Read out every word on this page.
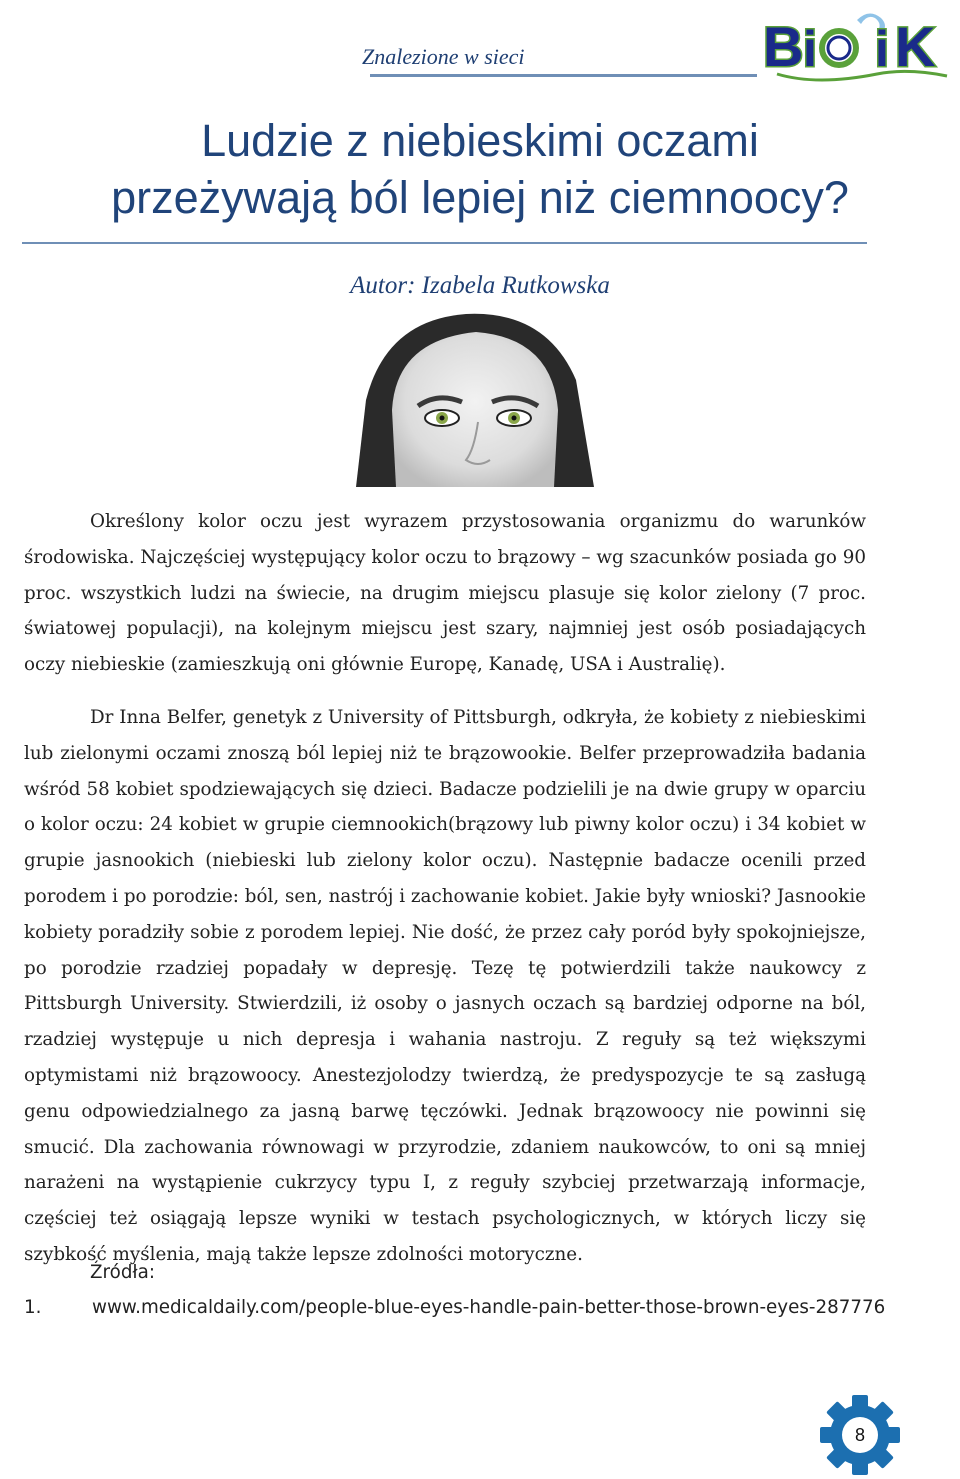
Znalezione w sieci	B i i K
Ludzie z niebieskimi oczami
przeżywają ból lepiej niż ciemnoocy?
Autor: Izabela Rutkowska
Określony kolor oczu jest wyrazem przystosowania organizmu do warunków środowiska. Najczęściej występujący kolor oczu to brązowy – wg szacunków posiada go 90 proc. wszystkich ludzi na świecie, na drugim miejscu plasuje się kolor zielony (7 proc. światowej populacji), na kolejnym miejscu jest szary, najmniej jest osób posiadających oczy niebieskie (zamieszkują oni głównie Europę, Kanadę, USA i Australię).
Dr Inna Belfer, genetyk z University of Pittsburgh, odkryła, że kobiety z niebieskimi lub zielonymi oczami znoszą ból lepiej niż te brązowookie. Belfer przeprowadziła badania wśród 58 kobiet spodziewających się dzieci. Badacze podzielili je na dwie grupy w oparciu o kolor oczu: 24 kobiet w grupie ciemnookich(brązowy lub piwny kolor oczu) i 34 kobiet w grupie jasnookich (niebieski lub zielony kolor oczu). Następnie badacze ocenili przed porodem i po porodzie: ból, sen, nastrój i zachowanie kobiet. Jakie były wnioski? Jasnookie kobiety poradziły sobie z porodem lepiej. Nie dość, że przez cały poród były spokojniejsze, po porodzie rzadziej popadały w depresję. Tezę tę potwierdzili także naukowcy z Pittsburgh University. Stwierdzili, iż osoby o jasnych oczach są bardziej odporne na ból, rzadziej występuje u nich depresja i wahania nastroju. Z reguły są też większymi optymistami niż brązowoocy. Anestezjolodzy twierdzą, że predyspozycje te są zasługą genu odpowiedzialnego za jasną barwę tęczówki. Jednak brązowoocy nie powinni się smucić. Dla zachowania równowagi w przyrodzie, zdaniem naukowców, to oni są mniej narażeni na wystąpienie cukrzycy typu I, z reguły szybciej przetwarzają informacje, częściej też osiągają lepsze wyniki w testach psychologicznych, w których liczy się szybkość myślenia, mają także lepsze zdolności motoryczne.
Źródła:
1.	www.medicaldaily.com/people-blue-eyes-handle-pain-better-those-brown-eyes-287776
8
